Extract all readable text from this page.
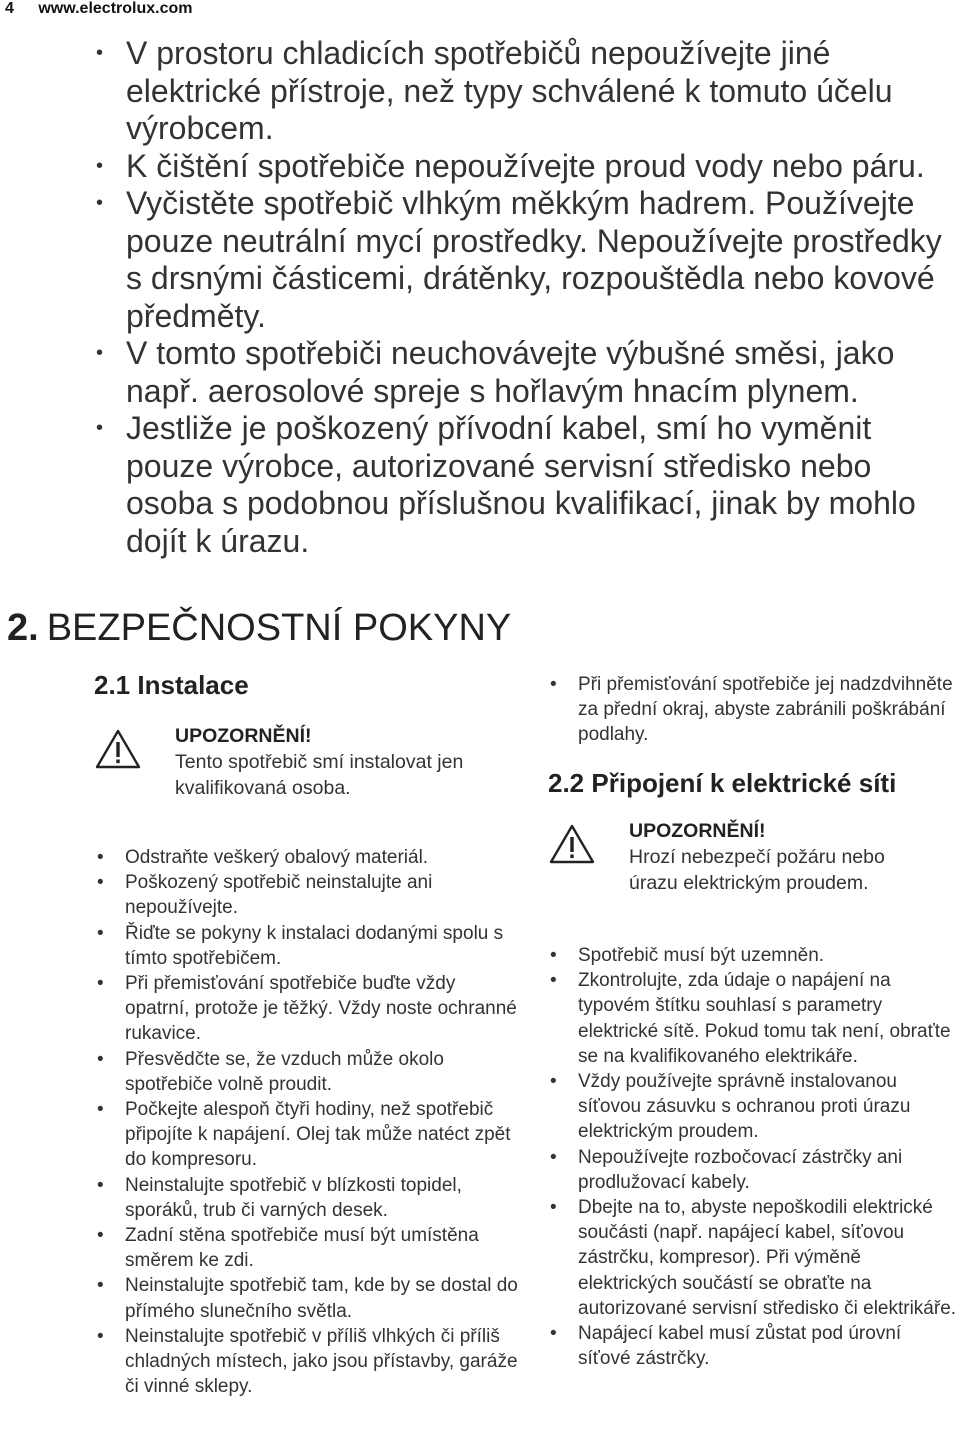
4 www.electrolux.com
• V prostoru chladicích spotřebičů nepoužívejte jiné elektrické přístroje, než typy schválené k tomuto účelu výrobcem.
• K čištění spotřebiče nepoužívejte proud vody nebo páru.
• Vyčistěte spotřebič vlhkým měkkým hadrem. Používejte pouze neutrální mycí prostředky. Nepoužívejte prostředky s drsnými částicemi, drátěnky, rozpouštědla nebo kovové předměty.
• V tomto spotřebiči neuchovávejte výbušné směsi, jako např. aerosolové spreje s hořlavým hnacím plynem.
• Jestliže je poškozený přívodní kabel, smí ho vyměnit pouze výrobce, autorizované servisní středisko nebo osoba s podobnou příslušnou kvalifikací, jinak by mohlo dojít k úrazu.
2. BEZPEČNOSTNÍ POKYNY
2.1 Instalace
UPOZORNĚNÍ!
Tento spotřebič smí instalovat jen kvalifikovaná osoba.
• Odstraňte veškerý obalový materiál.
• Poškozený spotřebič neinstalujte ani nepoužívejte.
• Řiďte se pokyny k instalaci dodanými spolu s tímto spotřebičem.
• Při přemisťování spotřebiče buďte vždy opatrní, protože je těžký. Vždy noste ochranné rukavice.
• Přesvědčte se, že vzduch může okolo spotřebiče volně proudit.
• Počkejte alespoň čtyři hodiny, než spotřebič připojíte k napájení. Olej tak může natéct zpět do kompresoru.
• Neinstalujte spotřebič v blízkosti topidel, sporáků, trub či varných desek.
• Zadní stěna spotřebiče musí být umístěna směrem ke zdi.
• Neinstalujte spotřebič tam, kde by se dostal do přímého slunečního světla.
• Neinstalujte spotřebič v příliš vlhkých či příliš chladných místech, jako jsou přístavby, garáže či vinné sklepy.
• Při přemisťování spotřebiče jej nadzdvihněte za přední okraj, abyste zabránili poškrábání podlahy.
2.2 Připojení k elektrické síti
UPOZORNĚNÍ!
Hrozí nebezpečí požáru nebo úrazu elektrickým proudem.
• Spotřebič musí být uzemněn.
• Zkontrolujte, zda údaje o napájení na typovém štítku souhlasí s parametry elektrické sítě. Pokud tomu tak není, obraťte se na kvalifikovaného elektrikáře.
• Vždy používejte správně instalovanou síťovou zásuvku s ochranou proti úrazu elektrickým proudem.
• Nepoužívejte rozbočovací zástrčky ani prodlužovací kabely.
• Dbejte na to, abyste nepoškodili elektrické součásti (např. napájecí kabel, síťovou zástrčku, kompresor). Při výměně elektrických součástí se obraťte na autorizované servisní středisko či elektrikáře.
• Napájecí kabel musí zůstat pod úrovní síťové zástrčky.
